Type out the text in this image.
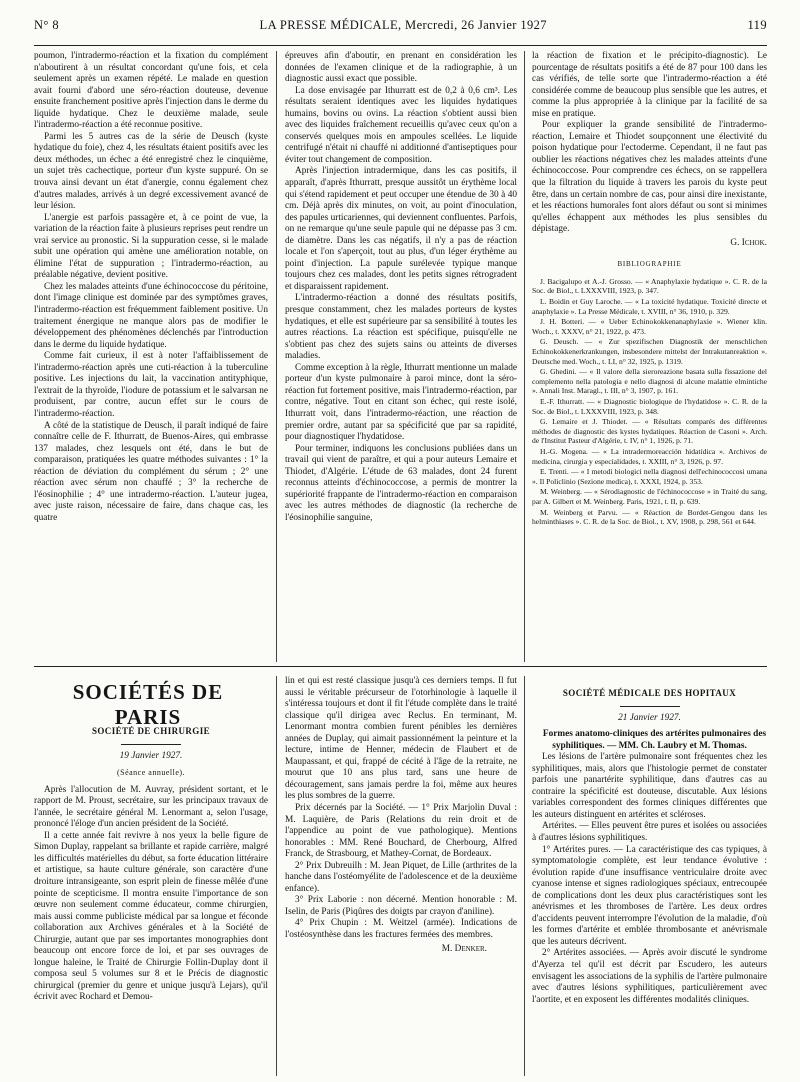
N° 8	LA PRESSE MÉDICALE, Mercredi, 26 Janvier 1927	119

poumon, l'intradermo-réaction et la fixation du complément n'aboutirent à un résultat concordant qu'une fois, et cela seulement après un examen répété. Le malade en question avait fourni d'abord une séro-réaction douteuse, devenue ensuite franchement positive après l'injection dans le derme du liquide hydatique. Chez le deuxième malade, seule l'intradermo-réaction a été reconnue positive.

Parmi les 5 autres cas de la série de Deusch (kyste hydatique du foie), chez 4, les résultats étaient positifs avec les deux méthodes, un échec a été enregistré chez le cinquième, un sujet très cachectique, porteur d'un kyste suppuré. On se trouva ainsi devant un état d'anergie, connu également chez d'autres malades, arrivés à un degré excessivement avancé de leur lésion.

L'anergie est parfois passagère et, à ce point de vue, la variation de la réaction faite à plusieurs reprises peut rendre un vrai service au pronostic. Si la suppuration cesse, si le malade subit une opération qui amène une amélioration notable, on élimine l'état de suppuration ; l'intradermo-réaction, au préalable négative, devient positive.

Chez les malades atteints d'une échinococcose du péritoine, dont l'image clinique est dominée par des symptômes graves, l'intradermo-réaction est fréquemment faiblement positive. Un traitement énergique ne manque alors pas de modifier le développement des phénomènes déclenchés par l'introduction dans le derme du liquide hydatique.

Comme fait curieux, il est à noter l'affaiblissement de l'intradermo-réaction après une cuti-réaction à la tuberculine positive. Les injections du lait, la vaccination antityphique, l'extrait de la thyroïde, l'iodure de potassium et le salvarsan ne produisent, par contre, aucun effet sur le cours de l'intradermo-réaction.

A côté de la statistique de Deusch, il paraît indiqué de faire connaître celle de F. Ithurratt, de Buenos-Aires, qui embrasse 137 malades, chez lesquels ont été, dans le but de comparaison, pratiquées les quatre méthodes suivantes : 1° la réaction de déviation du complément du sérum ; 2° une réaction avec sérum non chauffé ; 3° la recherche de l'éosinophilie ; 4° une intradermo-réaction. L'auteur jugea, avec juste raison, nécessaire de faire, dans chaque cas, les quatre

épreuves afin d'aboutir, en prenant en considération les données de l'examen clinique et de la radiographie, à un diagnostic aussi exact que possible.

La dose envisagée par Ithurratt est de 0,2 à 0,6 cm³. Les résultats seraient identiques avec les liquides hydatiques humains, bovins ou ovins. La réaction s'obtient aussi bien avec des liquides fraîchement recueillis qu'avec ceux qu'on a conservés quelques mois en ampoules scellées. Le liquide centrifugé n'était ni chauffé ni additionné d'antiseptiques pour éviter tout changement de composition.

Après l'injection intradermique, dans les cas positifs, il apparaît, d'après Ithurratt, presque aussitôt un érythème local qui s'étend rapidement et peut occuper une étendue de 30 à 40 cm. Déjà après dix minutes, on voit, au point d'inoculation, des papules urticariennes, qui deviennent confluentes. Parfois, on ne remarque qu'une seule papule qui ne dépasse pas 3 cm. de diamètre. Dans les cas négatifs, il n'y a pas de réaction locale et l'on s'aperçoit, tout au plus, d'un léger érythème au point d'injection. La papule surélevée typique manque toujours chez ces malades, dont les petits signes rétrogradent et disparaissent rapidement.

L'intradermo-réaction a donné des résultats positifs, presque constamment, chez les malades porteurs de kystes hydatiques, et elle est supérieure par sa sensibilité à toutes les autres réactions. La réaction est spécifique, puisqu'elle ne s'obtient pas chez des sujets sains ou atteints de diverses maladies.

Comme exception à la règle, Ithurratt mentionne un malade porteur d'un kyste pulmonaire à paroi mince, dont la séro-réaction fut fortement positive, mais l'intradermo-réaction, par contre, négative. Tout en citant son échec, qui reste isolé, Ithurratt voit, dans l'intradermo-réaction, une réaction de premier ordre, autant par sa spécificité que par sa rapidité, pour diagnostiquer l'hydatidose.

Pour terminer, indiquons les conclusions publiées dans un travail qui vient de paraître, et qui a pour auteurs Lemaire et Thiodet, d'Algérie. L'étude de 63 malades, dont 24 furent reconnus atteints d'échinococcose, a permis de montrer la supériorité frappante de l'intradermo-réaction en comparaison avec les autres méthodes de diagnostic (la recherche de l'éosinophilie sanguine,

la réaction de fixation et le précipito-diagnostic). Le pourcentage de résultats positifs a été de 87 pour 100 dans les cas vérifiés, de telle sorte que l'intradermo-réaction a été considérée comme de beaucoup plus sensible que les autres, et comme la plus appropriée à la clinique par la facilité de sa mise en pratique.

Pour expliquer la grande sensibilité de l'intradermo-réaction, Lemaire et Thiodet soupçonnent une électivité du poison hydatique pour l'ectoderme. Cependant, il ne faut pas oublier les réactions négatives chez les malades atteints d'une échinococcose. Pour comprendre ces échecs, on se rappellera que la filtration du liquide à travers les parois du kyste peut être, dans un certain nombre de cas, pour ainsi dire inexistante, et les réactions humorales font alors défaut ou sont si minimes qu'elles échappent aux méthodes les plus sensibles du dépistage.

G. Ichok.
BIBLIOGRAPHIE

J. Bacigalupo et A.-J. Grosso. — « Anaphylaxie hydatique ». C. R. de la Soc. de Biol., t. LXXXVIII, 1923, p. 347.

L. Boidin et Guy Laroche. — « La toxicité hydatique. Toxicité directe et anaphylaxie ». La Presse Médicale, t. XVIII, n° 36, 1910, p. 329.

J. H. Botteri. — « Ueber Echinokokkenanaphylaxie ». Wiener klin. Woch., t. XXXV, n° 21, 1922, p. 473.

G. Deusch. — « Zur spezifischen Diagnostik der menschlichen Echinokokkenerkrankungen, insbesondere mittelst der Intrakutanreaktion ». Deutsche med. Woch., t. LI, n° 32, 1925, p. 1319.

G. Ghedini. — « Il valore della sieroreazione basata sulla fissazione del complemento nella patologia e nello diagnosi di alcune malattie elmintiche ». Annali Inst. Maragl., t. III, n° 3, 1907, p. 161.

E.-F. Ithurratt. — « Diagnostic biologique de l'hydatidose ». C. R. de la Soc. de Biol., t. LXXXVIII, 1923, p. 348.

G. Lemaire et J. Thiodet. — « Résultats comparés des différentes méthodes de diagnostic des kystes hydatiques. Réaction de Casoni ». Arch. de l'Institut Pasteur d'Algérie, t. IV, n° 1, 1926, p. 71.

H.-G. Mogena. — « La intradermoreacción hidatídica ». Archivos de medicina, cirurgia y especialidades, t. XXIII, n° 3, 1926, p. 97.

E. Trenti. — « I metodi biologici nella diagnosi dell'echinococcosi umana ». Il Policlinio (Sezione medica), t. XXXI, 1924, p. 353.

M. Weinberg. — « Sérodiagnostic de l'échinococcose » in Traité du sang, par A. Gilbert et M. Weinberg. Paris, 1921, t. II, p. 639.

M. Weinberg et Parvu. — « Réaction de Bordet-Gengou dans les helminthiases ». C. R. de la Soc. de Biol., t. XV, 1908, p. 298, 561 et 644.

SOCIÉTÉS DE PARIS
SOCIÉTÉ DE CHIRURGIE
19 Janvier 1927.
(Séance annuelle).

Après l'allocution de M. Auvray, président sortant, et le rapport de M. Proust, secrétaire, sur les principaux travaux de l'année, le secrétaire général M. Lenormant a, selon l'usage, prononcé l'éloge d'un ancien président de la Société.

Il a cette année fait revivre à nos yeux la belle figure de Simon Duplay, rappelant sa brillante et rapide carrière, malgré les difficultés matérielles du début, sa forte éducation littéraire et artistique, sa haute culture générale, son caractère d'une droiture intransigeante, son esprit plein de finesse mêlée d'une pointe de scepticisme. Il montra ensuite l'importance de son œuvre non seulement comme éducateur, comme chirurgien, mais aussi comme publiciste médical par sa longue et féconde collaboration aux Archives générales et à la Société de Chirurgie, autant que par ses importantes monographies dont beaucoup ont encore force de loi, et par ses ouvrages de longue haleine, le Traité de Chirurgie Follin-Duplay dont il composa seul 5 volumes sur 8 et le Précis de diagnostic chirurgical (premier du genre et unique jusqu'à Lejars), qu'il écrivit avec Rochard et Demou-

lin et qui est resté classique jusqu'à ces derniers temps. Il fut aussi le véritable précurseur de l'otorhinologie à laquelle il s'intéressa toujours et dont il fit l'étude complète dans le traité classique qu'il dirigea avec Reclus. En terminant, M. Lenormant montra combien furent pénibles les dernières années de Duplay, qui aimait passionnément la peinture et la lecture, intime de Henner, médecin de Flaubert et de Maupassant, et qui, frappé de cécité à l'âge de la retraite, ne mourut que 10 ans plus tard, sans une heure de découragement, sans jamais perdre la foi, même aux heures les plus sombres de la guerre.

Prix décernés par la Société. — 1° Prix Marjolin Duval : M. Laquière, de Paris (Relations du rein droit et de l'appendice au point de vue pathologique). Mentions honorables : MM. René Bouchard, de Cherbourg, Alfred Franck, de Strasbourg, et Mathey-Cornat, de Bordeaux.

2° Prix Dubreuilh : M. Jean Piquet, de Lille (arthrites de la hanche dans l'ostéomyélite de l'adolescence et de la deuxième enfance).

3° Prix Laborie : non décerné. Mention honorable : M. Iselin, de Paris (Piqûres des doigts par crayon d'aniline).

4° Prix Chupin : M. Weitzel (armée). Indications de l'ostéosynthèse dans les fractures fermées des membres.

M. Denker.
SOCIÉTÉ MÉDICALE DES HOPITAUX
21 Janvier 1927.

Formes anatomo-cliniques des artérites pulmonaires des syphilitiques. — MM. Ch. Laubry et M. Thomas.

Les lésions de l'artère pulmonaire sont fréquentes chez les syphilitiques, mais, alors que l'histologie permet de constater parfois une panartérite syphilitique, dans d'autres cas au contraire la spécificité est douteuse, discutable. Aux lésions variables correspondent des formes cliniques différentes que les auteurs distinguent en artérites et scléroses.

Artérites. — Elles peuvent être pures et isolées ou associées à d'autres lésions syphilitiques.

1° Artérites pures. — La caractéristique des cas typiques, à symptomatologie complète, est leur tendance évolutive : évolution rapide d'une insuffisance ventriculaire droite avec cyanose intense et signes radiologiques spéciaux, entrecoupée de complications dont les deux plus caractéristiques sont les anévrismes et les thromboses de l'artère. Les deux ordres d'accidents peuvent interrompre l'évolution de la maladie, d'où les formes d'artérite et emblée thrombosante et anévrismale que les auteurs décrivent.

2° Artérites associées. — Après avoir discuté le syndrome d'Ayerza tel qu'il est décrit par Escudero, les auteurs envisagent les associations de la syphilis de l'artère pulmonaire avec d'autres lésions syphilitiques, particulièrement avec l'aortite, et en exposent les différentes modalités cliniques.
